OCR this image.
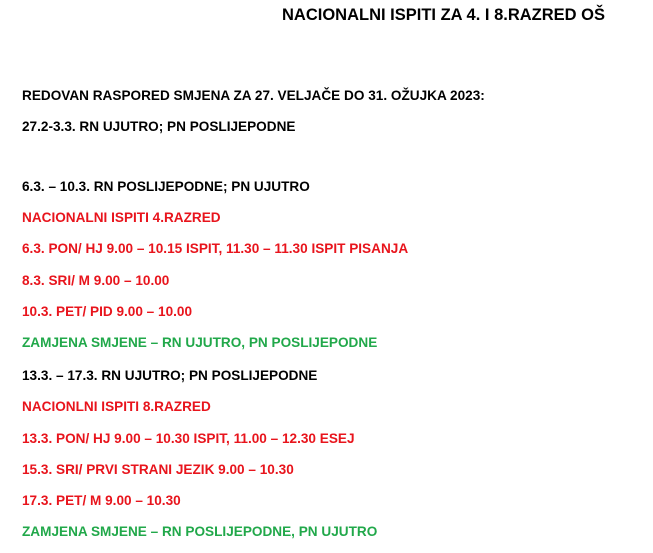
NACIONALNI ISPITI ZA 4. I 8.RAZRED OŠ
REDOVAN RASPORED SMJENA ZA 27. VELJAČE DO 31. OŽUJKA 2023:
27.2-3.3. RN UJUTRO; PN POSLIJEPODNE
6.3. – 10.3. RN POSLIJEPODNE; PN UJUTRO
NACIONALNI ISPITI 4.RAZRED
6.3. PON/ HJ 9.00 – 10.15 ISPIT, 11.30 – 11.30 ISPIT PISANJA
8.3. SRI/ M 9.00 – 10.00
10.3. PET/ PID 9.00 – 10.00
ZAMJENA SMJENE – RN UJUTRO, PN POSLIJEPODNE
13.3. – 17.3. RN UJUTRO; PN POSLIJEPODNE
NACIONLNI ISPITI 8.RAZRED
13.3. PON/ HJ 9.00 – 10.30 ISPIT, 11.00 – 12.30 ESEJ
15.3. SRI/ PRVI STRANI JEZIK 9.00 – 10.30
17.3. PET/ M 9.00 – 10.30
ZAMJENA SMJENE – RN POSLIJEPODNE, PN UJUTRO
